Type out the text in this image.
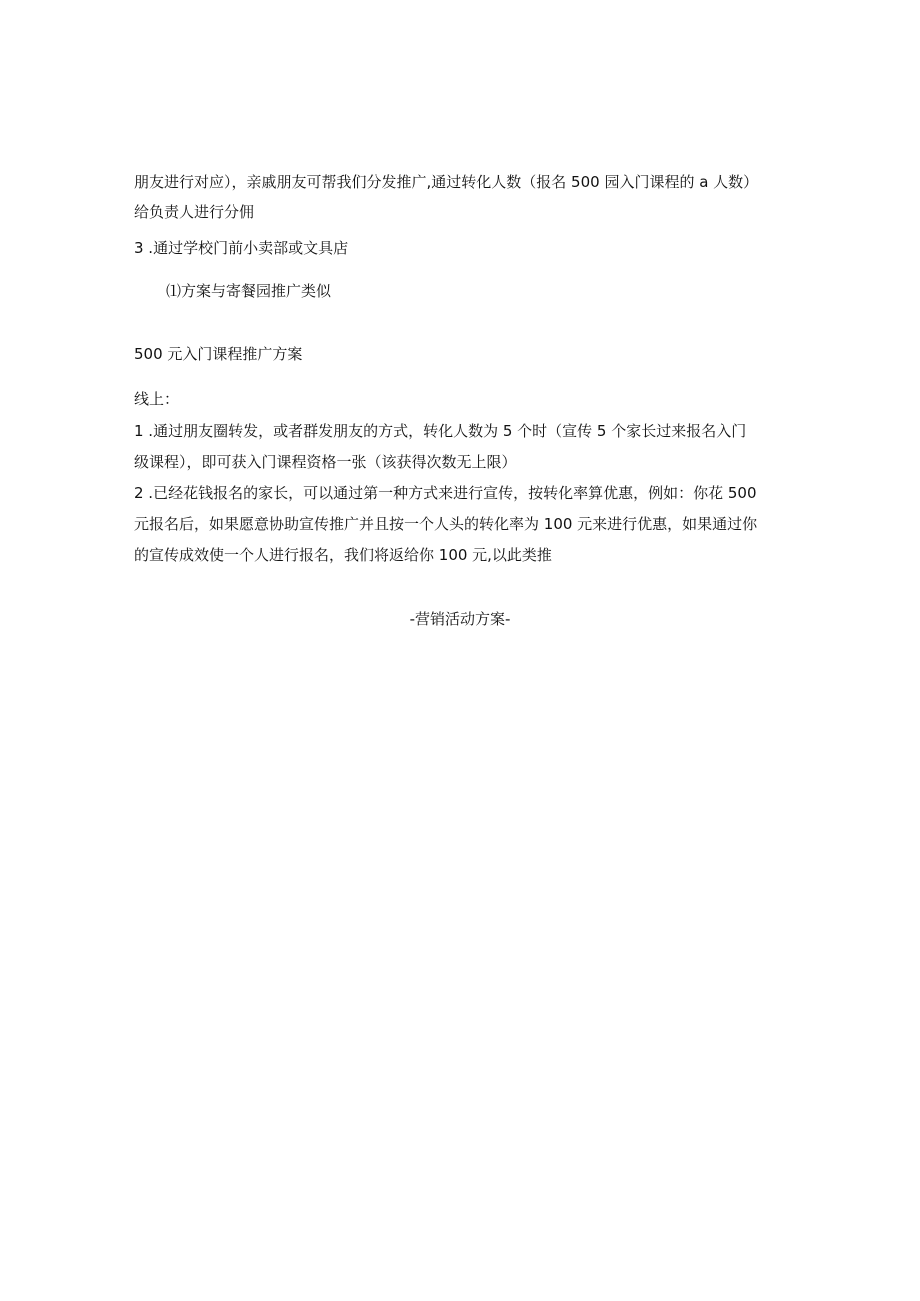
朋友进行对应），亲戚朋友可帮我们分发推广,通过转化人数（报名 500 园入门课程的 a 人数）
给负责人进行分佣
3 .通过学校门前小卖部或文具店
⑴方案与寄餐园推广类似
500 元入门课程推广方案
线上：
1 .通过朋友圈转发，或者群发朋友的方式，转化人数为 5 个时（宣传 5 个家长过来报名入门
级课程），即可获入门课程资格一张（该获得次数无上限）
2 .已经花钱报名的家长，可以通过第一种方式来进行宣传，按转化率算优惠，例如：你花 500
元报名后，如果愿意协助宣传推广并且按一个人头的转化率为 100 元来进行优惠，如果通过你
的宣传成效使一个人进行报名，我们将返给你 100 元,以此类推
-营销活动方案-
